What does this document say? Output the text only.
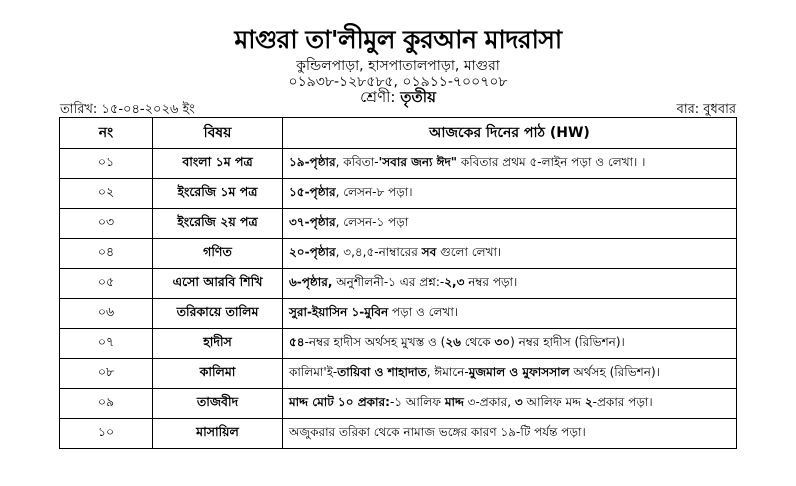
মাগুরা তা'লীমুল কুরআন মাদরাসা
কুন্ডিলপাড়া, হাসপাতালপাড়া, মাগুরা
০১৯৩৮-১২৮৫৮৫, ০১৯১১-৭০০৭০৮
শ্রেণী: তৃতীয়
তারিখ: ১৫-০৪-২০২৬ ইং	বার: বুধবার
নং	বিষয়	আজকের দিনের পাঠ (HW)
০১	বাংলা ১ম পত্র	১৯-পৃষ্ঠার, কবিতা-'সবার জন্য ঈদ" কবিতার প্রথম ৫-লাইন পড়া ও লেখা। ।
০২	ইংরেজি ১ম পত্র	১৫-পৃষ্ঠার, লেসন-৮ পড়া।
০৩	ইংরেজি ২য় পত্র	৩৭-পৃষ্ঠার, লেসন-১ পড়া
০৪	গণিত	২০-পৃষ্ঠার, ৩,৪,৫-নাম্বারের সব গুলো লেখা।
০৫	এসো আরবি শিখি	৬-পৃষ্ঠার, অনুশীলনী-১ এর প্রশ্ন:-২,৩ নম্বর পড়া।
০৬	তরিকায়ে তালিম	সুরা-ইয়াসিন ১-মুবিন পড়া ও লেখা।
০৭	হাদীস	৫৪-নম্বর হাদীস অর্থসহ মুখস্ত ও (২৬ থেকে ৩০) নম্বর হাদীস (রিভিশন)।
০৮	কালিমা	কালিমা'ই-তায়িবা ও শাহাদাত, ঈমানে-মুজমাল ও মুফাসসাল অর্থসহ (রিভিশন)।
০৯	তাজবীদ	মাদ্দ মোট ১০ প্রকার:-১ আলিফ মাদ্দ ৩-প্রকার, ৩ আলিফ মদ্দ ২-প্রকার পড়া।
১০	মাসায়িল	অজুকরার তরিকা থেকে নামাজ ভঙ্গের কারণ ১৯-টি পর্যন্ত পড়া।
